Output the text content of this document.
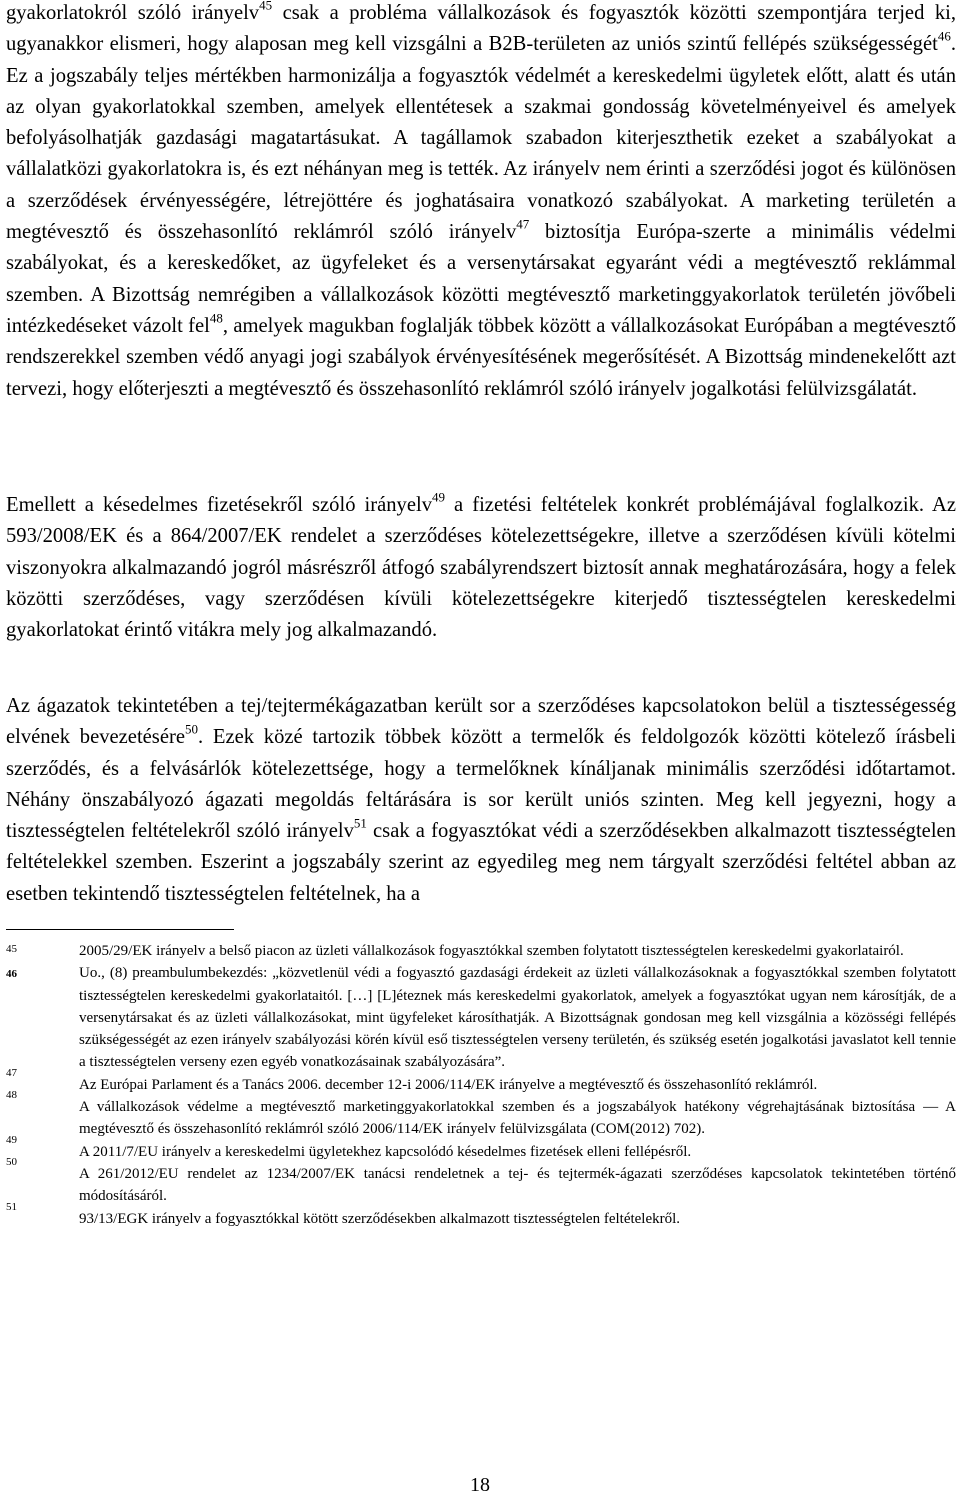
gyakorlatokról szóló irányelv$^{45}$ csak a probléma vállalkozások és fogyasztók közötti szempontjára terjed ki, ugyanakkor elismeri, hogy alaposan meg kell vizsgálni a B2B-területen az uniós szintű fellépés szükségességét$^{46}$. Ez a jogszabály teljes mértékben harmonizálja a fogyasztók védelmét a kereskedelmi ügyletek előtt, alatt és után az olyan gyakorlatokkal szemben, amelyek ellentétesek a szakmai gondosság követelményeivel és amelyek befolyásolhatják gazdasági magatartásukat. A tagállamok szabadon kiterjeszthetik ezeket a szabályokat a vállalatközi gyakorlatokra is, és ezt néhányan meg is tették. Az irányelv nem érinti a szerződési jogot és különösen a szerződések érvényességére, létrejöttére és joghatásaira vonatkozó szabályokat. A marketing területén a megtévesztő és összehasonlító reklámról szóló irányelv$^{47}$ biztosítja Európa-szerte a minimális védelmi szabályokat, és a kereskedőket, az ügyfeleket és a versenytársakat egyaránt védi a megtévesztő reklámmal szemben. A Bizottság nemrégiben a vállalkozások közötti megtévesztő marketinggyakorlatok területén jövőbeli intézkedéseket vázolt fel$^{48}$, amelyek magukban foglalják többek között a vállalkozásokat Európában a megtévesztő rendszerekkel szemben védő anyagi jogi szabályok érvényesítésének megerősítését. A Bizottság mindenekelőtt azt tervezi, hogy előterjeszti a megtévesztő és összehasonlító reklámról szóló irányelv jogalkotási felülvizsgálatát.

Emellett a késedelmes fizetésekről szóló irányelv$^{49}$ a fizetési feltételek konkrét problémájával foglalkozik. Az 593/2008/EK és a 864/2007/EK rendelet a szerződéses kötelezettségekre, illetve a szerződésen kívüli kötelmi viszonyokra alkalmazandó jogról másrészről átfogó szabályrendszert biztosít annak meghatározására, hogy a felek közötti szerződéses, vagy szerződésen kívüli kötelezettségekre kiterjedő tisztességtelen kereskedelmi gyakorlatokat érintő vitákra mely jog alkalmazandó.

Az ágazatok tekintetében a tej/tejtermékágazatban került sor a szerződéses kapcsolatokon belül a tisztességesség elvének bevezetésére$^{50}$. Ezek közé tartozik többek között a termelők és feldolgozók közötti kötelező írásbeli szerződés, és a felvásárlók kötelezettsége, hogy a termelőknek kínáljanak minimális szerződési időtartamot. Néhány önszabályozó ágazati megoldás feltárására is sor került uniós szinten. Meg kell jegyezni, hogy a tisztességtelen feltételekről szóló irányelv$^{51}$ csak a fogyasztókat védi a szerződésekben alkalmazott tisztességtelen feltételekkel szemben. Eszerint a jogszabály szerint az egyedileg meg nem tárgyalt szerződési feltétel abban az esetben tekintendő tisztességtelen feltételnek, ha a

45	2005/29/EK irányelv a belső piacon az üzleti vállalkozások fogyasztókkal szemben folytatott tisztességtelen kereskedelmi gyakorlatairól.
46	Uo., (8) preambulumbekezdés: „közvetlenül védi a fogyasztó gazdasági érdekeit az üzleti vállalkozásoknak a fogyasztókkal szemben folytatott tisztességtelen kereskedelmi gyakorlataitól. […] [L]éteznek más kereskedelmi gyakorlatok, amelyek a fogyasztókat ugyan nem károsítják, de a versenytársakat és az üzleti vállalkozásokat, mint ügyfeleket károsíthatják. A Bizottságnak gondosan meg kell vizsgálnia a közösségi fellépés szükségességét az ezen irányelv szabályozási körén kívül eső tisztességtelen verseny területén, és szükség esetén jogalkotási javaslatot kell tennie a tisztességtelen verseny ezen egyéb vonatkozásainak szabályozására”.
47
Az Európai Parlament és a Tanács 2006. december 12-i 2006/114/EK irányelve a megtévesztő és összehasonlító reklámról.
48
A vállalkozások védelme a megtévesztő marketinggyakorlatokkal szemben és a jogszabályok hatékony végrehajtásának biztosítása ― A megtévesztő és összehasonlító reklámról szóló 2006/114/EK irányelv felülvizsgálata (COM(2012) 702).
49
A 2011/7/EU irányelv a kereskedelmi ügyletekhez kapcsolódó késedelmes fizetések elleni fellépésről.
50
A 261/2012/EU rendelet az 1234/2007/EK tanácsi rendeletnek a tej- és tejtermék-ágazati szerződéses kapcsolatok tekintetében történő módosításáról.
51
93/13/EGK irányelv a fogyasztókkal kötött szerződésekben alkalmazott tisztességtelen feltételekről.
18
